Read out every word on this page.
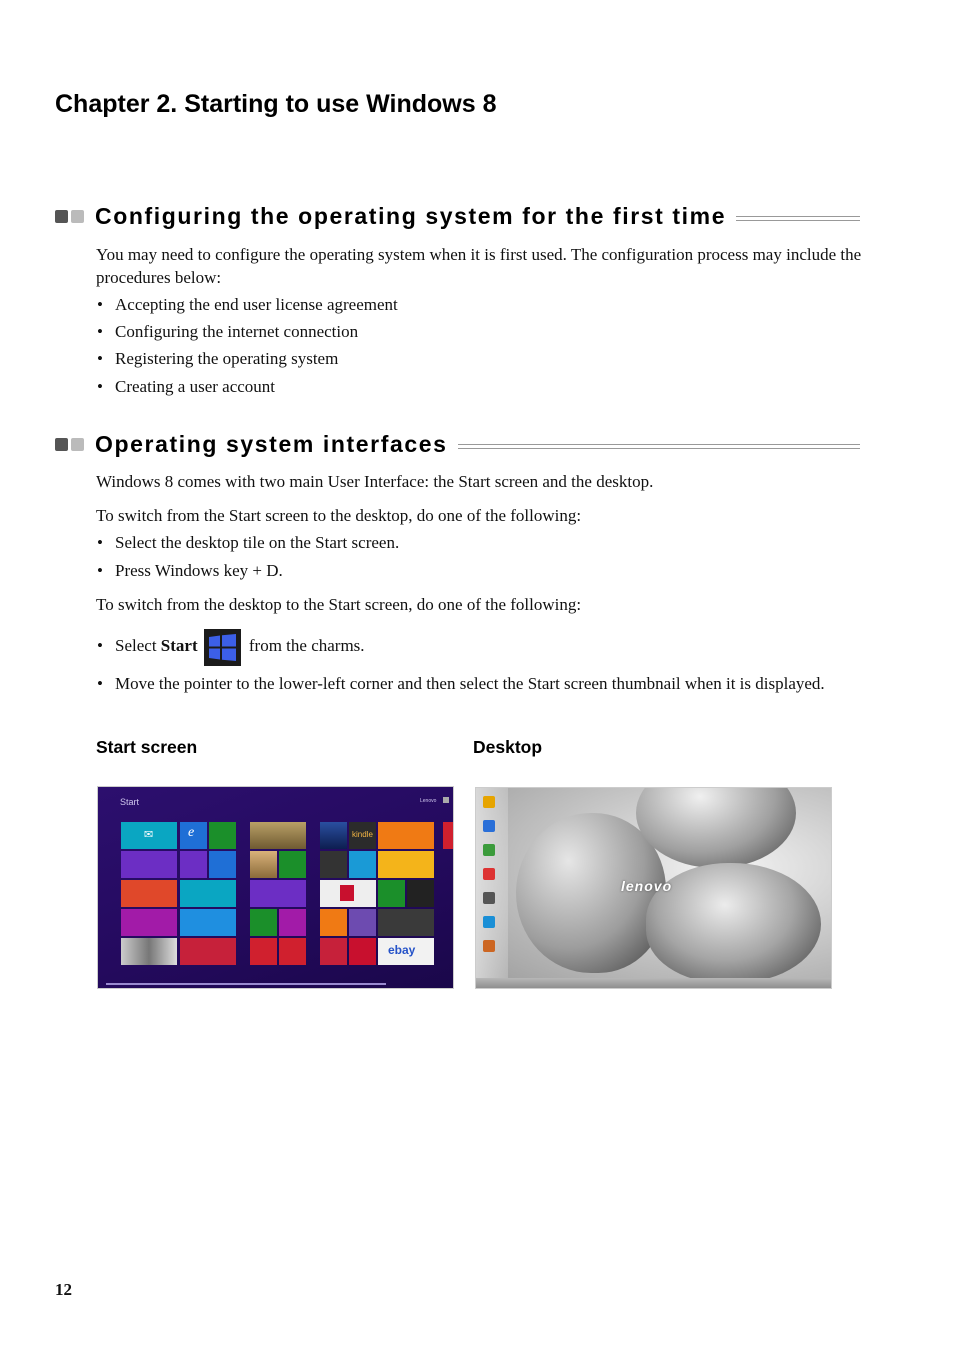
Chapter 2. Starting to use Windows 8
Configuring the operating system for the first time

You may need to configure the operating system when it is first used. The configuration process may include the procedures below:

• Accepting the end user license agreement
• Configuring the internet connection
• Registering the operating system
• Creating a user account
Operating system interfaces

Windows 8 comes with two main User Interface: the Start screen and the desktop.

To switch from the Start screen to the desktop, do one of the following:

• Select the desktop tile on the Start screen.
• Press Windows key + D.

To switch from the desktop to the Start screen, do one of the following:

• Select Start	from the charms.
• Move the pointer to the lower-left corner and then select the Start screen thumbnail when it is displayed.
Start screen	Desktop
Start	Lenovo
✉ e	kindle
ebay
lenovo
12
